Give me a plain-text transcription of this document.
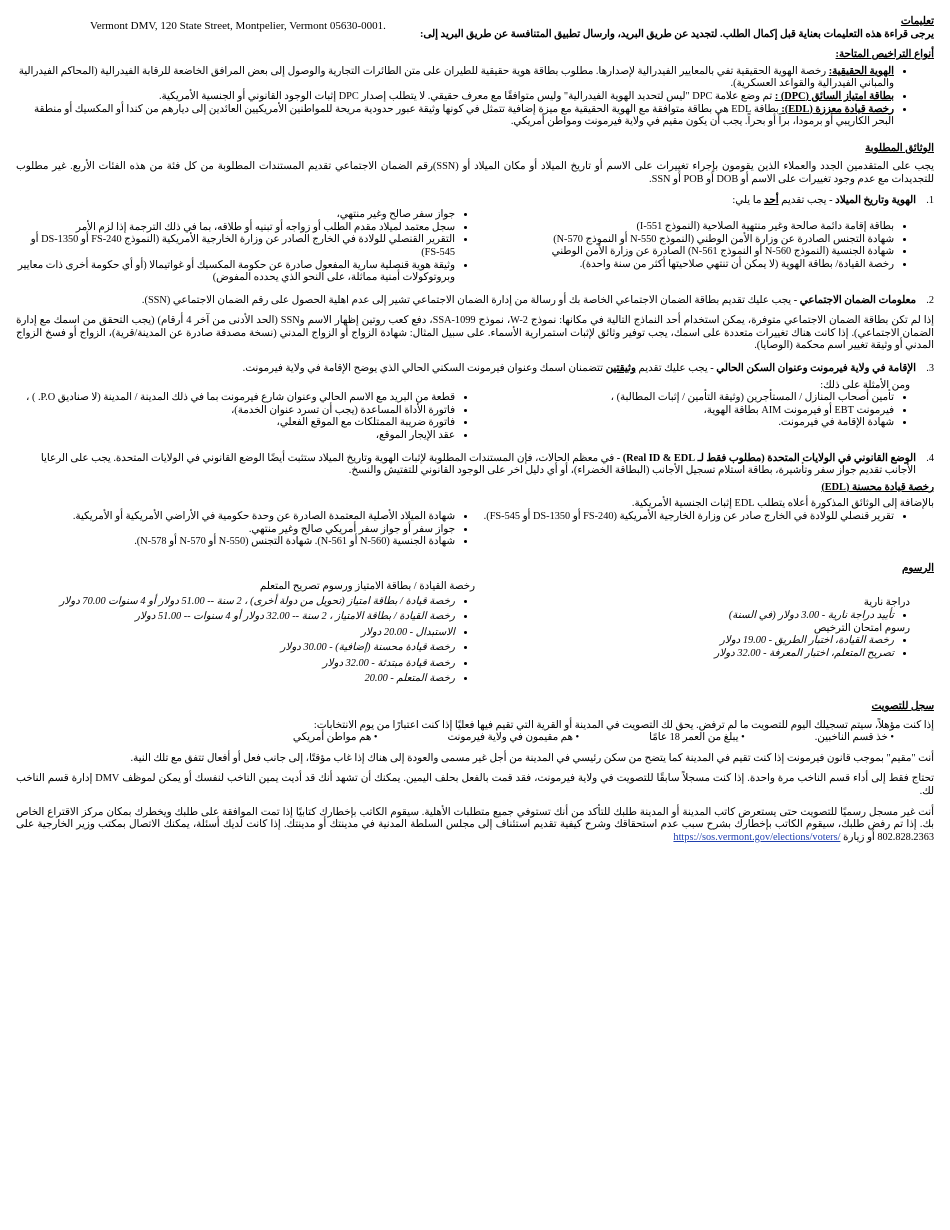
Vermont DMV, 120 State Street, Montpelier, Vermont 05630-0001.	تعليمات

يرجى قراءة هذه التعليمات بعناية قبل إكمال الطلب. لتجديد عن طريق البريد، وارسال تطبيق المتنافسة عن طريق البريد إلى:

أنواع التراخيص المتاحة:

• الهوية الحقيقية: رخصة الهوية الحقيقية تفي بالمعايير الفيدرالية لإصدارها. مطلوب بطاقة هوية حقيقية للطيران على متن الطائرات التجارية والوصول إلى بعض المرافق الخاضعة للرقابة الفيدرالية (المحاكم الفيدرالية والمباني الفيدرالية والقواعد العسكرية).
• بطاقة امتياز السائق (DPC) : تم وضع علامة DPC "ليس لتحديد الهوية الفيدرالية" وليس متوافقًا مع معرف حقيقي. لا يتطلب إصدار DPC إثبات الوجود القانوني أو الجنسية الأمريكية.
• رخصة قيادة معززة (EDL): بطاقة EDL هي بطاقة متوافقة مع الهوية الحقيقية مع ميزة إضافية تتمثل في كونها وثيقة عبور حدودية مريحة للمواطنين الأمريكيين العائدين إلى ديارهم من كندا أو المكسيك أو منطقة البحر الكاريبي أو برمودا، براً أو بحراً. يجب أن يكون مقيم في ولاية فيرمونت ومواطن أمريكي.

الوثائق المطلوبة

يجب على المتقدمين الجدد والعملاء الذين يقومون بإجراء تغييرات على الاسم أو تاريخ الميلاد أو مكان الميلاد أو (SSN)رقم الضمان الاجتماعي تقديم المستندات المطلوبة من كل فئة من هذه الفئات الأربع. غير مطلوب للتجديدات مع عدم وجود تغييرات على الاسم أو DOB أو POB أو SSN.

1.
الهوية وتاريخ الميلاد - يجب تقديم أحد ما يلي:
• بطاقة إقامة دائمة صالحة وغير منتهية الصلاحية (النموذج I-551)
• شهادة التجنس الصادرة عن وزارة الأمن الوطني (النموذج N-550 أو النموذج N-570)
• شهادة الجنسية (النموذج N-560 أو النموذج N-561) الصادرة عن وزارة الأمن الوطني
• رخصة القيادة/ بطاقة الهوية (لا يمكن أن تنتهي صلاحيتها أكثر من سنة واحدة).
• جواز سفر صالح وغير منتهي،
• سجل معتمد لميلاد مقدم الطلب أو زواجه أو تبنيه أو طلاقه، بما في ذلك الترجمة إذا لزم الأمر
• التقرير القنصلي للولادة في الخارج الصادر عن وزارة الخارجية الأمريكية (النموذج FS-240 أو DS-1350 أو FS-545)
• وثيقة هوية قنصلية سارية المفعول صادرة عن حكومة المكسيك أو غواتيمالا (أو أي حكومة أخرى ذات معايير وبروتوكولات أمنية مماثلة، على النحو الذي يحدده المفوض)
2.
معلومات الضمان الاجتماعي - يجب عليك تقديم بطاقة الضمان الاجتماعي الخاصة بك أو رسالة من إدارة الضمان الاجتماعي تشير إلى عدم اهلية الحصول على رقم الضمان الاجتماعي (SSN).

إذا لم تكن بطاقة الضمان الاجتماعي متوفرة، يمكن استخدام أحد النماذج التالية في مكانها: نموذج W-2، نموذج SSA-1099، دفع كعب روتين إظهار الاسم وSSN (الحد الأدنى من آخر 4 أرقام) (يجب التحقق من اسمك مع إدارة الضمان الاجتماعي). إذا كانت هناك تغييرات متعددة على اسمك، يجب توفير وثائق لإثبات استمرارية الأسماء. على سبيل المثال: شهادة الزواج أو الزواج المدني (نسخة مصدقة صادرة عن المدينة/قرية)، الزواج أو فسخ الزواج المدني أو وثيقة تغيير اسم محكمة (الوصايا).

3.
الإقامة في ولاية فيرمونت وعنوان السكن الحالي - يجب عليك تقديم وثيقتين تتضمنان اسمك وعنوان فيرمونت السكني الحالي الذي يوضح الإقامة في ولاية فيرمونت.

ومن الأمثلة على ذلك:

• تأمين أصحاب المنازل / المستأجرين (وثيقة التأمين / إثبات المطالبة) ،
• فيرمونت EBT أو فيرمونت AIM بطاقة الهوية،
• شهادة الإقامة في فيرمونت.
• قطعة من البريد مع الاسم الحالي وعنوان شارع فيرمونت بما في ذلك المدينة / المدينة (لا صناديق P.O. ) ،
• فاتورة الأداة المساعدة (يجب أن تسرد عنوان الخدمة)،
• فاتورة ضريبة الممتلكات مع الموقع الفعلي،
• عقد الإيجار الموقع،
4.
الوضع القانوني في الولايات المتحدة (مطلوب فقط لـ Real ID & EDL) - في معظم الحالات، فإن المستندات المطلوبة لإثبات الهوية وتاريخ الميلاد ستثبت أيضًا الوضع القانوني في الولايات المتحدة. يجب على الرعايا الأجانب تقديم جواز سفر وتأشيرة، بطاقة استلام تسجيل الأجانب (البطاقة الخضراء)، أو أي دليل اخر على الوجود القانوني للتفتيش والنسخ.

رخصة قيادة محسنة (EDL)

بالإضافة إلى الوثائق المذكورة أعلاه يتطلب EDL إثبات الجنسية الأمريكية.

• تقرير قنصلي للولادة في الخارج صادر عن وزارة الخارجية الأمريكية (FS-240 أو DS-1350 أو FS-545).
• شهادة الميلاد الأصلية المعتمدة الصادرة عن وحدة حكومية في الأراضي الأمريكية أو الأمريكية.
• جواز سفر أو جواز سفر أمريكي صالح وغير منتهي.
• شهادة الجنسية (N-560 أو N-561). شهادة التجنس (N-550 أو N-570 أو N-578).

الرسوم

دراجة نارية

• تأييد دراجة نارية - 3.00 دولار (في السنة)

رسوم امتحان الترخيص

• رخصة القيادة، اختبار الطريق - 19.00 دولار
• تصريح المتعلم، اختبار المعرفة - 32.00 دولار

رخصة القيادة / بطاقة الامتياز ورسوم تصريح المتعلم

• رخصة قيادة / بطاقة امتياز (تحويل من دولة أخرى) ، 2 سنة -- 51.00 دولار أو 4 سنوات 70.00 دولار
• رخصة القيادة / بطاقة الامتياز ، 2 سنة -- 32.00 دولار أو 4 سنوات -- 51.00 دولار
• الاستبدال - 20.00 دولار
• رخصة قيادة محسنة (إضافية) - 30.00 دولار
• رخصة قيادة مبتدئة - 32.00 دولار
• رخصة المتعلم - 20.00

سجل للتصويت

إذا كنت مؤهلاً، سيتم تسجيلك اليوم للتصويت ما لم ترفض. يحق لك التصويت في المدينة أو القرية التي تقيم فيها فعليًا إذا كنت اعتبارًا من يوم الانتخابات:

• خذ قسم الناخبين.
• يبلغ من العمر 18 عامًا
• هم مقيمون في ولاية فيرمونت
• هم مواطن أمريكي

أنت "مقيم" بموجب قانون فيرمونت إذا كنت تقيم في المدينة كما يتضح من سكن رئيسي في المدينة من أجل غير مسمى والعودة إلى هناك إذا غاب مؤقتًا، إلى جانب فعل أو أفعال تتفق مع تلك النية.

تحتاج فقط إلى أداء قسم الناخب مرة واحدة. إذا كنت مسجلاً سابقًا للتصويت في ولاية فيرمونت، فقد قمت بالفعل بحلف اليمين. يمكنك أن تشهد أنك قد أديت يمين الناخب لنفسك أو يمكن لموظف DMV إدارة قسم الناخب لك.

أنت غير مسجل رسميًا للتصويت حتى يستعرض كاتب المدينة أو المدينة طلبك للتأكد من أنك تستوفي جميع متطلبات الأهلية. سيقوم الكاتب بإخطارك كتابيًا إذا تمت الموافقة على طلبك ويخطرك بمكان مركز الاقتراع الخاص بك. إذا تم رفض طلبك، سيقوم الكاتب بإخطارك بشرح سبب عدم استحقاقك وشرح كيفية تقديم استئناف إلى مجلس السلطة المدنية في مدينتك أو مدينتك. إذا كانت لديك أسئلة، يمكنك الاتصال بمكتب وزير الخارجية على 802.828.2363 أو زيارة https://sos.vermont.gov/elections/voters/
